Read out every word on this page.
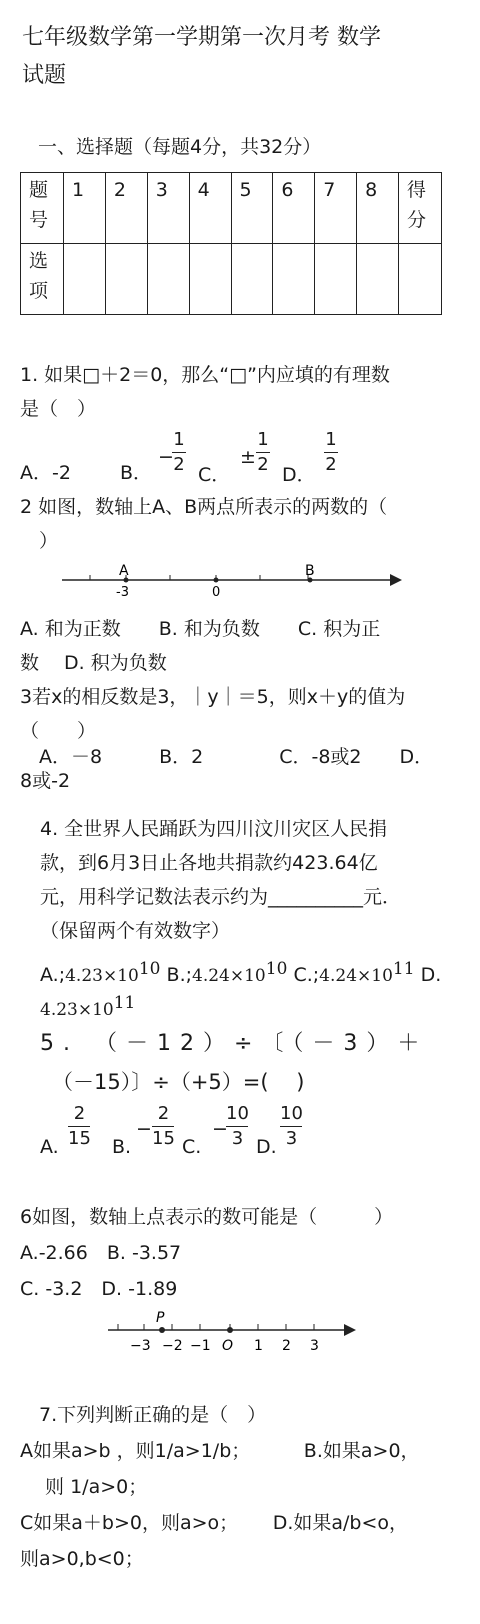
七年级数学第一学期第一次月考 数学
试题
一、选择题（每题4分，共32分）
题号	1	2	3	4	5	6	7	8	得分
选项									
1. 如果□＋2＝0，那么“□”内应填的有理数
是（　）
A．-2	B．
−
1
2 C．
±
1
2 D．
1
2
2 如图，数轴上A、B两点所表示的两数的（
　）
A	B
-3	0
A. 和为正数　　B. 和为负数　　C. 积为正
数　 D. 积为负数
3若x的相反数是3，｜y｜＝5，则x＋y的值为
（　　）
　A．－8　　　B．2　　　　C．-8或2　　D．
8或-2
4. 全世界人民踊跃为四川汶川灾区人民捐
款，到6月3日止各地共捐款约423.64亿
元，用科学记数法表示约为__________元．
（保留两个有效数字）
A.;4.23×1010 B.;4.24×1010 C.;4.24×1011 D.
4.23×1011
5. （－12）÷〔（－3）＋
（－15）〕÷（+5）=(　 )
A.
2
15 B.
−
2
15 C.
−
10
3 D.
10
3
6如图，数轴上点表示的数可能是（　　　）
A.-2.66　B. -3.57
C. -3.2　D. -1.89
P
−3 −2 −1 O 1 2 3
　7.下列判断正确的是（　）
A如果a>b ，则1/a>1/b；　　　 B.如果a>0，
　 则 1/a>0；
C如果a＋b>0，则a>o；　　 D.如果a/b<o，
则a>0,b<0；
